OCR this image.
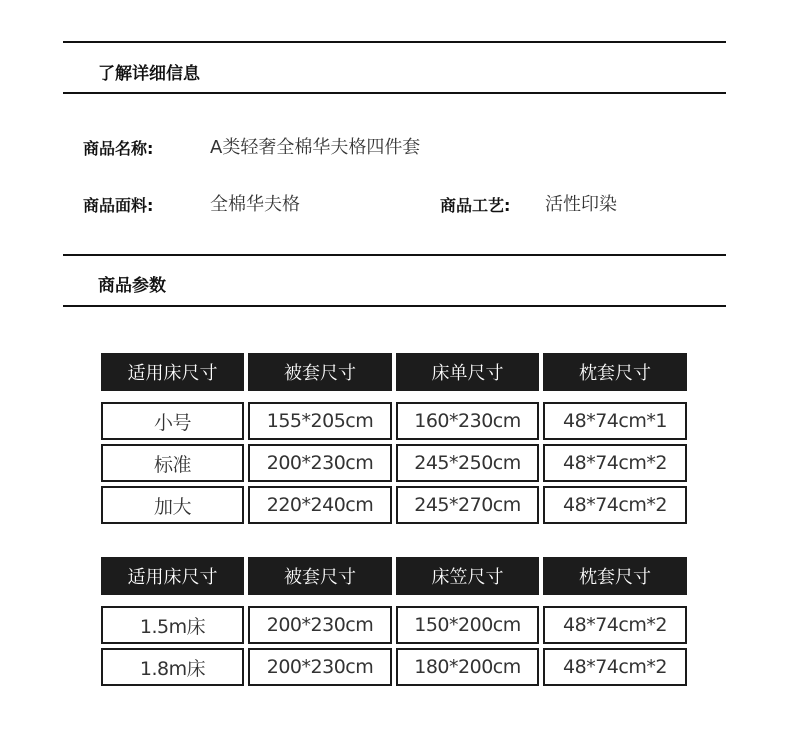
了解详细信息
商品名称:	A类轻奢全棉华夫格四件套
商品面料:	全棉华夫格	商品工艺: 活性印染
商品参数
适用床尺寸	被套尺寸	床单尺寸	枕套尺寸
小号	155*205cm	160*230cm	48*74cm*1
标准	200*230cm	245*250cm	48*74cm*2
加大	220*240cm	245*270cm	48*74cm*2
适用床尺寸	被套尺寸	床笠尺寸	枕套尺寸
1.5m床	200*230cm	150*200cm	48*74cm*2
1.8m床	200*230cm	180*200cm	48*74cm*2
